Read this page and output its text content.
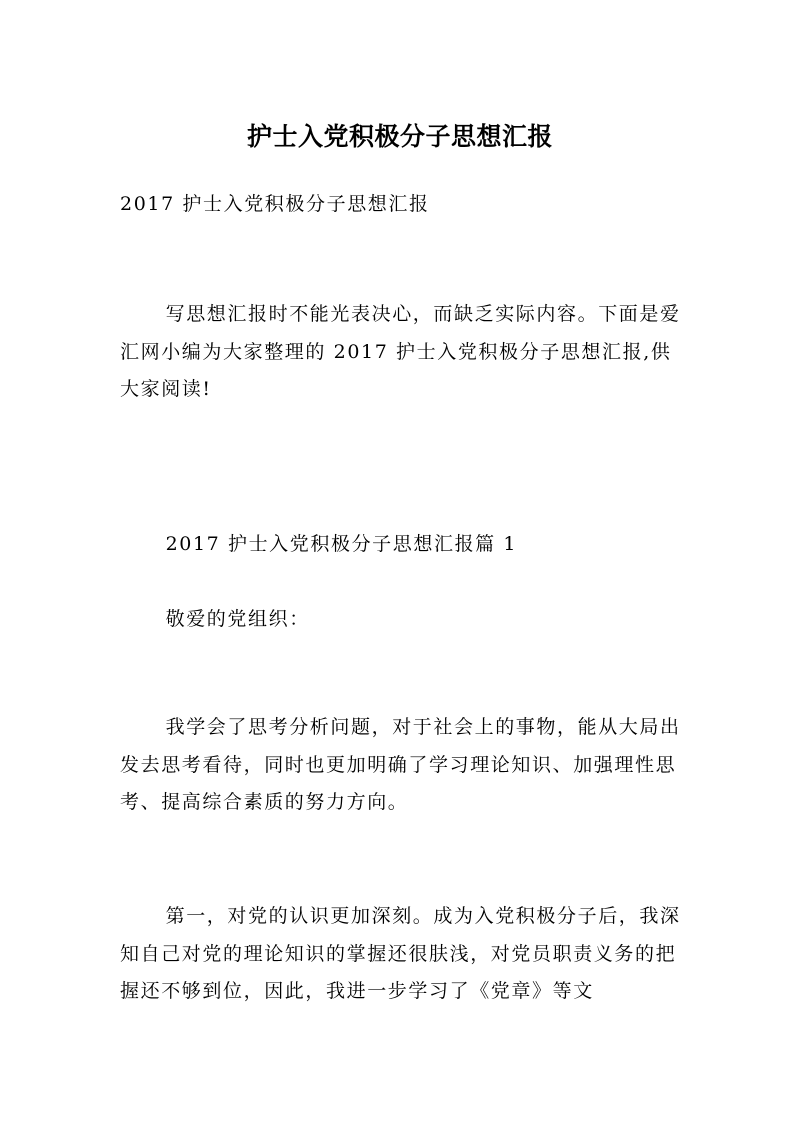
护士入党积极分子思想汇报

2017 护士入党积极分子思想汇报

写思想汇报时不能光表决心，而缺乏实际内容。下面是爱汇网小编为大家整理的 2017 护士入党积极分子思想汇报,供大家阅读!

2017 护士入党积极分子思想汇报篇 1

敬爱的党组织：

我学会了思考分析问题，对于社会上的事物，能从大局出发去思考看待，同时也更加明确了学习理论知识、加强理性思考、提高综合素质的努力方向。

第一，对党的认识更加深刻。成为入党积极分子后，我深知自己对党的理论知识的掌握还很肤浅，对党员职责义务的把握还不够到位，因此，我进一步学习了《党章》等文
